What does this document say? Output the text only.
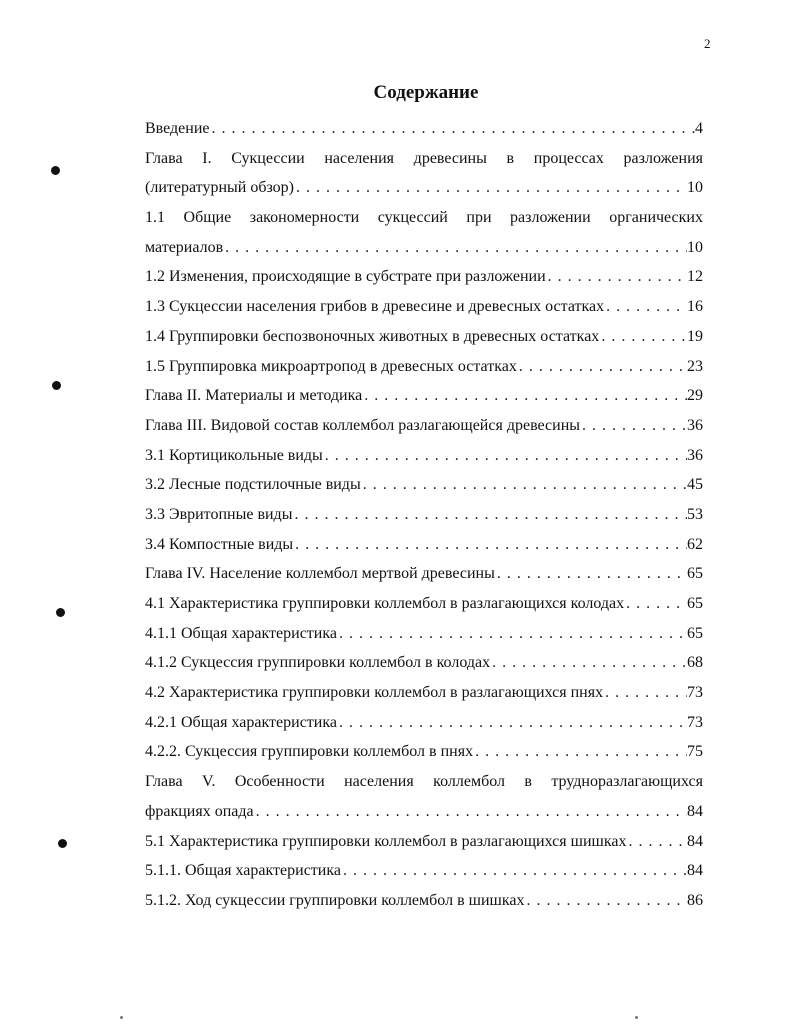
2
Содержание
Введение . . .	4
Глава I. Сукцессии населения древесины в процессах разложения
(литературный обзор) . . .	10
1.1 Общие закономерности сукцессий при разложении органических
материалов . . .	10
1.2 Изменения, происходящие в субстрате при разложении . . .	12
1.3 Сукцессии населения грибов в древесине и древесных остатках . . .	16
1.4 Группировки беспозвоночных животных в древесных остатках . . .	19
1.5 Группировка микроартропод в древесных остатках . . .	23
Глава II. Материалы и методика . . .	29
Глава III. Видовой состав коллембол разлагающейся древесины . . .	36
3.1 Кортицикольные виды . . .	36
3.2 Лесные подстилочные виды . . .	45
3.3 Эвритопные виды . . .	53
3.4 Компостные виды . . .	62
Глава IV. Население коллембол мертвой древесины . . .	65
4.1 Характеристика группировки коллембол в разлагающихся колодах . . .	65
4.1.1 Общая характеристика . . .	65
4.1.2 Сукцессия группировки коллембол в колодах . . .	68
4.2 Характеристика группировки коллембол в разлагающихся пнях . . .	73
4.2.1 Общая характеристика . . .	73
4.2.2. Сукцессия группировки коллембол в пнях . . .	75
Глава V. Особенности населения коллембол в трудноразлагающихся
фракциях опада . . .	84
5.1 Характеристика группировки коллембол в разлагающихся шишках . . .	84
5.1.1. Общая характеристика . . .	84
5.1.2. Ход сукцессии группировки коллембол в шишках . . .	86
